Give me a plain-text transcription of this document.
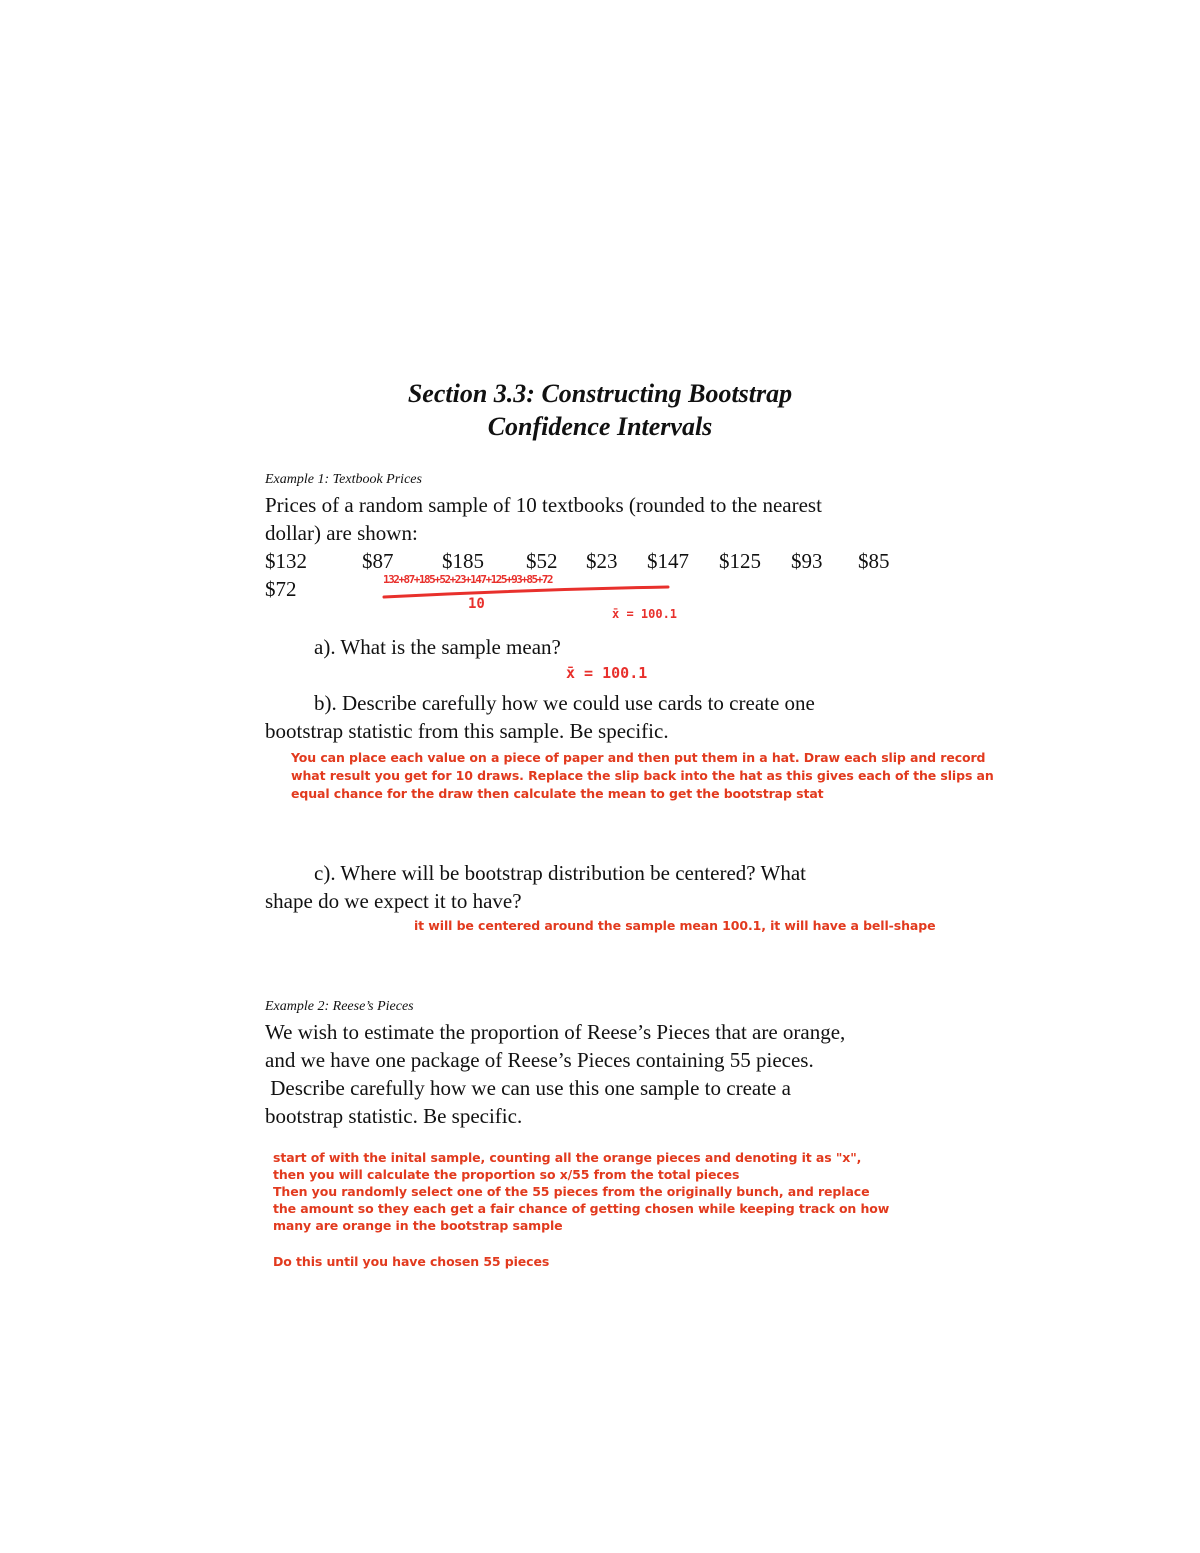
Section 3.3: Constructing Bootstrap
Confidence Intervals
Example 1: Textbook Prices
Prices of a random sample of 10 textbooks (rounded to the nearest
dollar) are shown:
$132	$87 $185 $52 $23 $147 $125 $93 $85
$72	132+87+185+52+23+147+125+93+85+72
10
x̄ = 100.1
a). What is the sample mean?
x̄ = 100.1
b). Describe carefully how we could use cards to create one
bootstrap statistic from this sample. Be specific.
You can place each value on a piece of paper and then put them in a hat. Draw each slip and record
what result you get for 10 draws. Replace the slip back into the hat as this gives each of the slips an
equal chance for the draw then calculate the mean to get the bootstrap stat
c). Where will be bootstrap distribution be centered? What
shape do we expect it to have?
it will be centered around the sample mean 100.1, it will have a bell-shape
Example 2: Reese’s Pieces
We wish to estimate the proportion of Reese’s Pieces that are orange,
and we have one package of Reese’s Pieces containing 55 pieces.
Describe carefully how we can use this one sample to create a
bootstrap statistic. Be specific.
start of with the inital sample, counting all the orange pieces and denoting it as "x",
then you will calculate the proportion so x/55 from the total pieces
Then you randomly select one of the 55 pieces from the originally bunch, and replace
the amount so they each get a fair chance of getting chosen while keeping track on how
many are orange in the bootstrap sample
Do this until you have chosen 55 pieces
